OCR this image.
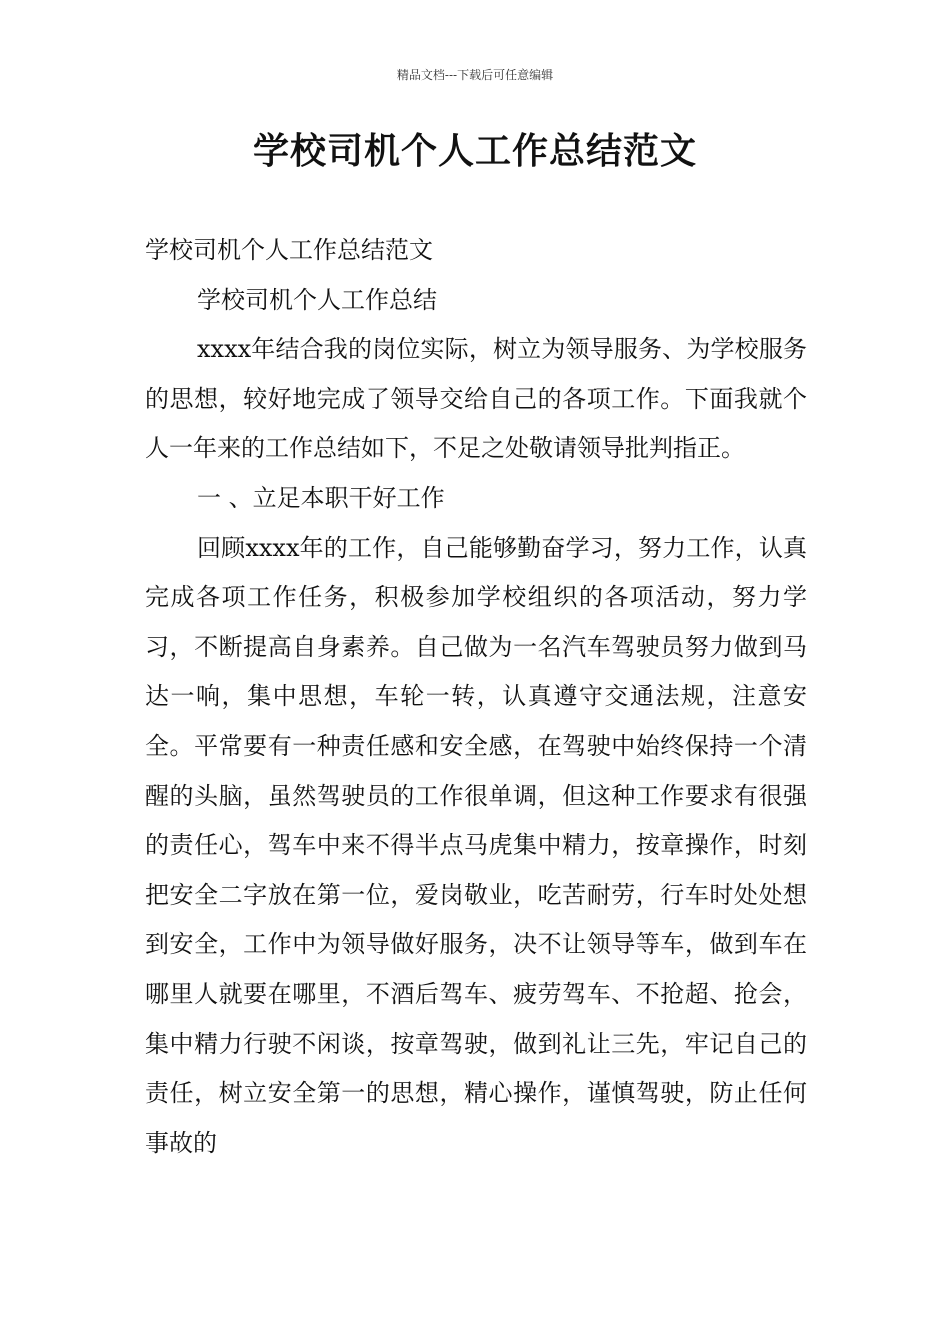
精品文档---下载后可任意编辑
学校司机个人工作总结范文

学校司机个人工作总结范文

学校司机个人工作总结

xxxx年结合我的岗位实际，树立为领导服务、为学校服务的思想，较好地完成了领导交给自己的各项工作。下面我就个人一年来的工作总结如下，不足之处敬请领导批判指正。

一 、立足本职干好工作

回顾xxxx年的工作，自己能够勤奋学习，努力工作，认真完成各项工作任务，积极参加学校组织的各项活动，努力学习，不断提高自身素养。自己做为一名汽车驾驶员努力做到马达一响，集中思想，车轮一转，认真遵守交通法规，注意安全。平常要有一种责任感和安全感，在驾驶中始终保持一个清醒的头脑，虽然驾驶员的工作很单调，但这种工作要求有很强的责任心，驾车中来不得半点马虎集中精力，按章操作，时刻把安全二字放在第一位，爱岗敬业，吃苦耐劳，行车时处处想到安全，工作中为领导做好服务，决不让领导等车，做到车在哪里人就要在哪里，不酒后驾车、疲劳驾车、不抢超、抢会，集中精力行驶不闲谈，按章驾驶，做到礼让三先，牢记自己的责任，树立安全第一的思想，精心操作，谨慎驾驶，防止任何事故的
